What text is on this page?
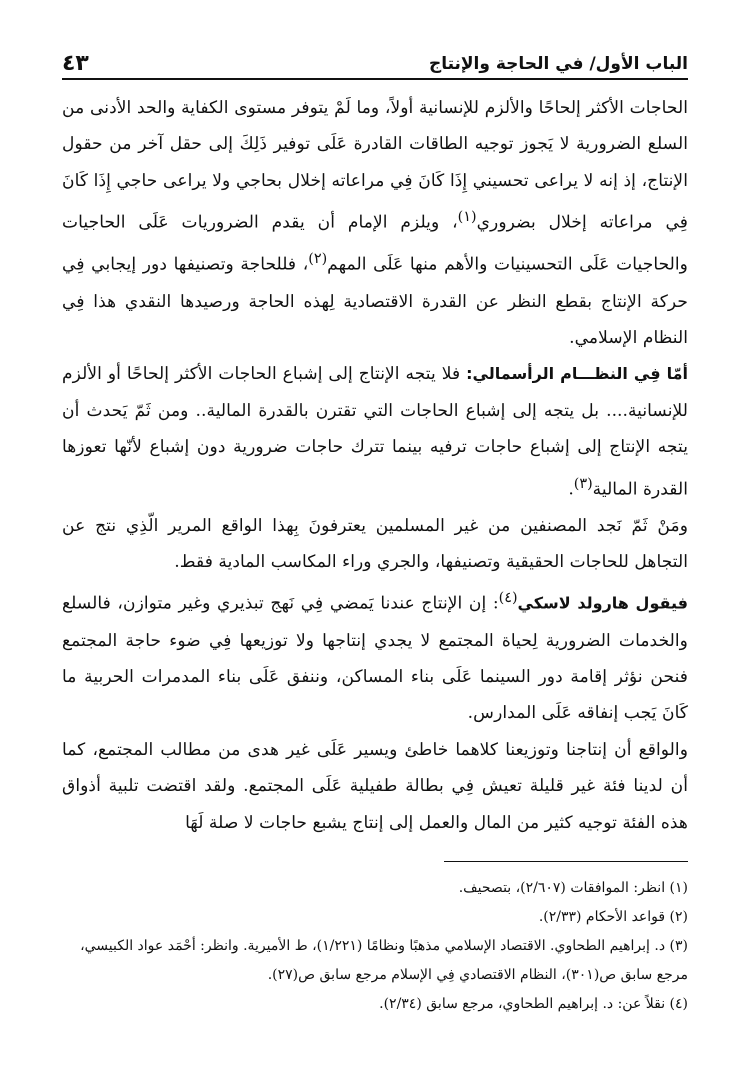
الباب الأول/ في الحاجة والإنتاج
٤٣

الحاجات الأكثر إلحاحًا والألزم للإنسانية أولاً، وما لَمْ يتوفر مستوى الكفاية والحد الأدنى من السلع الضرورية لا يَجوز توجيه الطاقات القادرة عَلَى توفير ذَلِكَ إلى حقل آخر من حقول الإنتاج، إذ إنه لا يراعى تحسيني إِذَا كَانَ فِي مراعاته إخلال بحاجي ولا يراعى حاجي إِذَا كَانَ فِي مراعاته إخلال بضروري$^{(١)}$، ويلزم الإمام أن يقدم الضروريات عَلَى الحاجيات والحاجيات عَلَى التحسينيات والأهم منها عَلَى المهم$^{(٢)}$، فللحاجة وتصنيفها دور إيجابي فِي حركة الإنتاج بقطع النظر عن القدرة الاقتصادية لِهذه الحاجة ورصيدها النقدي هذا فِي النظام الإسلامي.

أمّا فِي النظـــام الرأسمالي: فلا يتجه الإنتاج إلى إشباع الحاجات الأكثر إلحاحًا أو الألزم للإنسانية.... بل يتجه إلى إشباع الحاجات التي تقترن بالقدرة المالية.. ومن ثَمّ يَحدث أن يتجه الإنتاج إلى إشباع حاجات ترفيه بينما تترك حاجات ضرورية دون إشباع لأنّها تعوزها القدرة المالية$^{(٣)}$.

ومَنْ ثَمّ نَجد المصنفين من غير المسلمين يعترفونَ بِهذا الواقع المرير الّذِي نتج عن التجاهل للحاجات الحقيقية وتصنيفها، والجري وراء المكاسب المادية فقط.

فيقول هارولد لاسكي$^{(٤)}$: إن الإنتاج عندنا يَمضي فِي نَهج تبذيري وغير متوازن، فالسلع والخدمات الضرورية لِحياة المجتمع لا يجدي إنتاجها ولا توزيعها فِي ضوء حاجة المجتمع فنحن نؤثر إقامة دور السينما عَلَى بناء المساكن، وننفق عَلَى بناء المدمرات الحربية ما كَانَ يَجب إنفاقه عَلَى المدارس.

والواقع أن إنتاجنا وتوزيعنا كلاهما خاطئ ويسير عَلَى غير هدى من مطالب المجتمع، كما أن لدينا فئة غير قليلة تعيش فِي بطالة طفيلية عَلَى المجتمع. ولقد اقتضت تلبية أذواق هذه الفئة توجيه كثير من المال والعمل إلى إنتاج يشبع حاجات لا صلة لَهَا

(١) انظر: الموافقات (٢/٦٠٧)، بتصحيف.

(٢) قواعد الأحكام (٢/٣٣).

(٣) د. إبراهيم الطحاوي. الاقتصاد الإسلامي مذهبًا ونظامًا (١/٢٢١)، ط الأميرية. وانظر: أحْمَد عواد الكبيسي، مرجع سابق ص(٣٠١)، النظام الاقتصادي فِي الإسلام مرجع سابق ص(٢٧).

(٤) نقلاً عن: د. إبراهيم الطحاوي، مرجع سابق (٢/٣٤).
